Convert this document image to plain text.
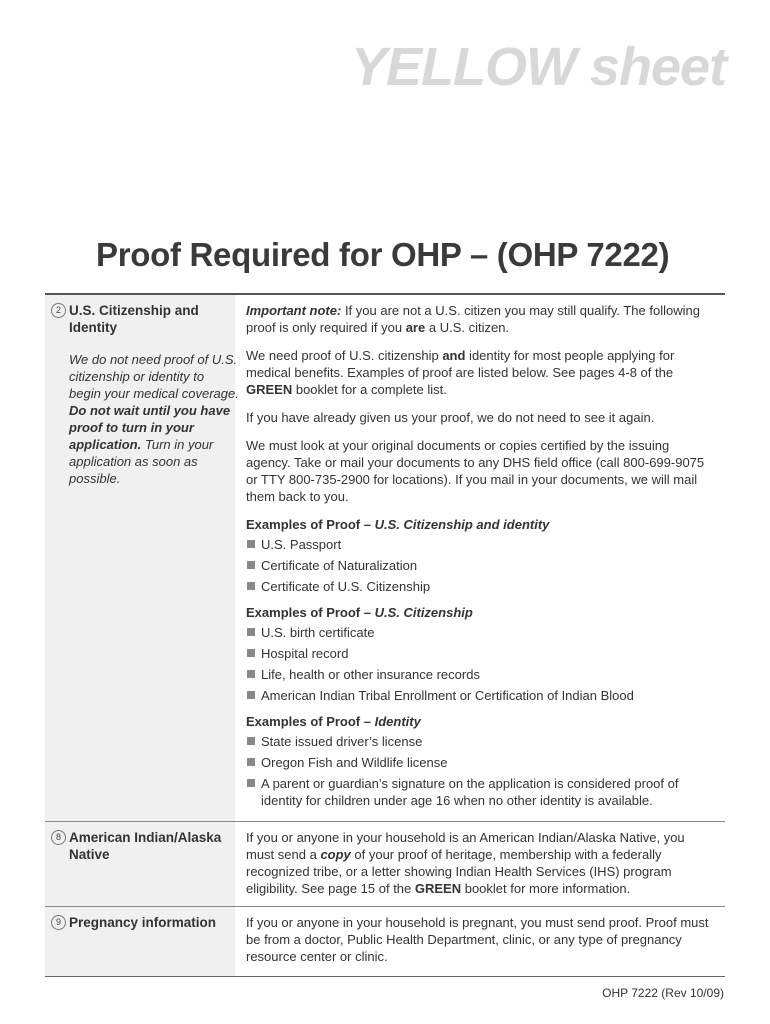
YELLOW sheet
Proof Required for OHP – (OHP 7222)
2 U.S. Citizenship and Identity
We do not need proof of U.S. citizenship or identity to begin your medical coverage. Do not wait until you have proof to turn in your application. Turn in your application as soon as possible.

Important note: If you are not a U.S. citizen you may still qualify. The following proof is only required if you are a U.S. citizen.

We need proof of U.S. citizenship and identity for most people applying for medical benefits. Examples of proof are listed below. See pages 4-8 of the GREEN booklet for a complete list.

If you have already given us your proof, we do not need to see it again.

We must look at your original documents or copies certified by the issuing agency. Take or mail your documents to any DHS field office (call 800-699-9075 or TTY 800-735-2900 for locations). If you mail in your documents, we will mail them back to you.

Examples of Proof – U.S. Citizenship and identity
U.S. Passport
Certificate of Naturalization
Certificate of U.S. Citizenship
Examples of Proof – U.S. Citizenship
U.S. birth certificate
Hospital record
Life, health or other insurance records
American Indian Tribal Enrollment or Certification of Indian Blood
Examples of Proof – Identity
State issued driver’s license
Oregon Fish and Wildlife license
A parent or guardian’s signature on the application is considered proof of identity for children under age 16 when no other identity is available.
8 American Indian/Alaska Native

If you or anyone in your household is an American Indian/Alaska Native, you must send a copy of your proof of heritage, membership with a federally recognized tribe, or a letter showing Indian Health Services (IHS) program eligibility. See page 15 of the GREEN booklet for more information.

9 Pregnancy information	If you or anyone in your household is pregnant, you must send proof. Proof must be from a doctor, Public Health Department, clinic, or any type of pregnancy resource center or clinic.

OHP 7222 (Rev 10/09)
